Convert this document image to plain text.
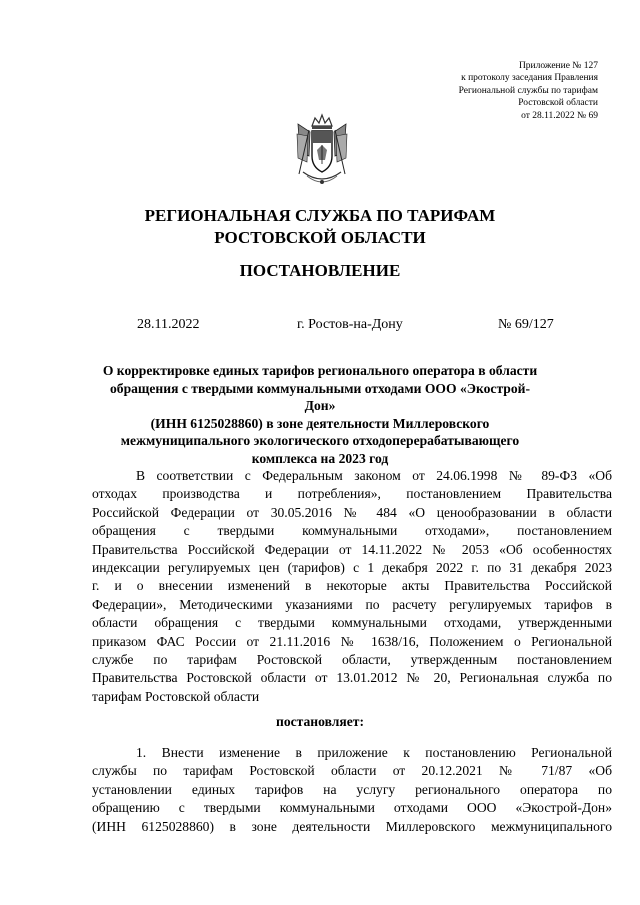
Приложение № 127
к протоколу заседания Правления
Региональной службы по тарифам
Ростовской области
от 28.11.2022 № 69
РЕГИОНАЛЬНАЯ СЛУЖБА ПО ТАРИФАМ
РОСТОВСКОЙ ОБЛАСТИ
ПОСТАНОВЛЕНИЕ
28.11.2022	г. Ростов-на-Дону	№ 69/127
О корректировке единых тарифов регионального оператора в области
обращения с твердыми коммунальными отходами ООО «Экострой-Дон»
(ИНН 6125028860) в зоне деятельности Миллеровского
межмуниципального экологического отходоперерабатывающего
комплекса на 2023 год
В соответствии с Федеральным законом от 24.06.1998 № 89-ФЗ «Об
отходах производства и потребления», постановлением Правительства
Российской Федерации от 30.05.2016 № 484 «О ценообразовании в области
обращения с твердыми коммунальными отходами», постановлением
Правительства Российской Федерации от 14.11.2022 № 2053 «Об особенностях
индексации регулируемых цен (тарифов) с 1 декабря 2022 г. по 31 декабря 2023
г. и о внесении изменений в некоторые акты Правительства Российской
Федерации», Методическими указаниями по расчету регулируемых тарифов в
области обращения с твердыми коммунальными отходами, утвержденными
приказом ФАС России от 21.11.2016 № 1638/16, Положением о Региональной
службе по тарифам Ростовской области, утвержденным постановлением
Правительства Ростовской области от 13.01.2012 № 20, Региональная служба по
тарифам Ростовской области
постановляет:
1. Внести изменение в приложение к постановлению Региональной
службы по тарифам Ростовской области от 20.12.2021 № 71/87 «Об
установлении единых тарифов на услугу регионального оператора по
обращению с твердыми коммунальными отходами ООО «Экострой-Дон»
(ИНН 6125028860) в зоне деятельности Миллеровского межмуниципального
